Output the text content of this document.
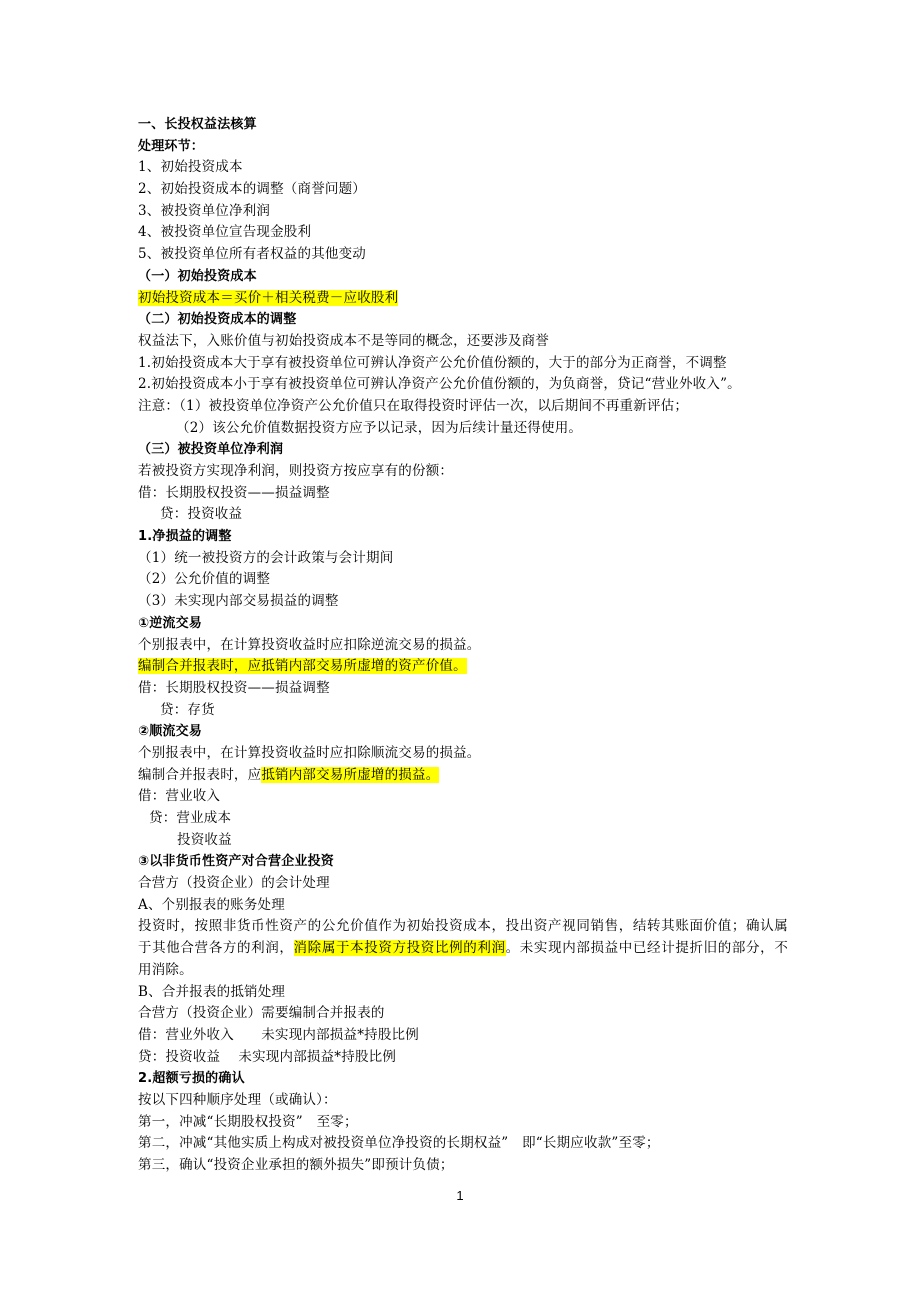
一、长投权益法核算
处理环节：
1、初始投资成本
2、初始投资成本的调整（商誉问题）
3、被投资单位净利润
4、被投资单位宣告现金股利
5、被投资单位所有者权益的其他变动
（一）初始投资成本
初始投资成本＝买价＋相关税费－应收股利
（二）初始投资成本的调整
权益法下，入账价值与初始投资成本不是等同的概念，还要涉及商誉
1.初始投资成本大于享有被投资单位可辨认净资产公允价值份额的，大于的部分为正商誉，不调整
2.初始投资成本小于享有被投资单位可辨认净资产公允价值份额的，为负商誉，贷记“营业外收入”。
注意：（1）被投资单位净资产公允价值只在取得投资时评估一次，以后期间不再重新评估；
（2）该公允价值数据投资方应予以记录，因为后续计量还得使用。
（三）被投资单位净利润
若被投资方实现净利润，则投资方按应享有的份额：
借：长期股权投资——损益调整
贷：投资收益
1.净损益的调整
（1）统一被投资方的会计政策与会计期间
（2）公允价值的调整
（3）未实现内部交易损益的调整
①逆流交易
个别报表中，在计算投资收益时应扣除逆流交易的损益。
编制合并报表时，应抵销内部交易所虚增的资产价值。
借：长期股权投资——损益调整
贷：存货
②顺流交易
个别报表中，在计算投资收益时应扣除顺流交易的损益。
编制合并报表时，应抵销内部交易所虚增的损益。
借：营业收入
贷：营业成本
投资收益
③以非货币性资产对合营企业投资
合营方（投资企业）的会计处理
A、个别报表的账务处理
投资时，按照非货币性资产的公允价值作为初始投资成本，投出资产视同销售，结转其账面价值；确认属
于其他合营各方的利润，消除属于本投资方投资比例的利润。未实现内部损益中已经计提折旧的部分，不
用消除。
B、合并报表的抵销处理
合营方（投资企业）需要编制合并报表的
借：营业外收入　　未实现内部损益*持股比例
贷：投资收益　 未实现内部损益*持股比例
2.超额亏损的确认
按以下四种顺序处理（或确认）：
第一，冲减“长期股权投资”　至零；
第二，冲减“其他实质上构成对被投资单位净投资的长期权益”　即“长期应收款”至零；
第三，确认“投资企业承担的额外损失”即预计负债；
1
